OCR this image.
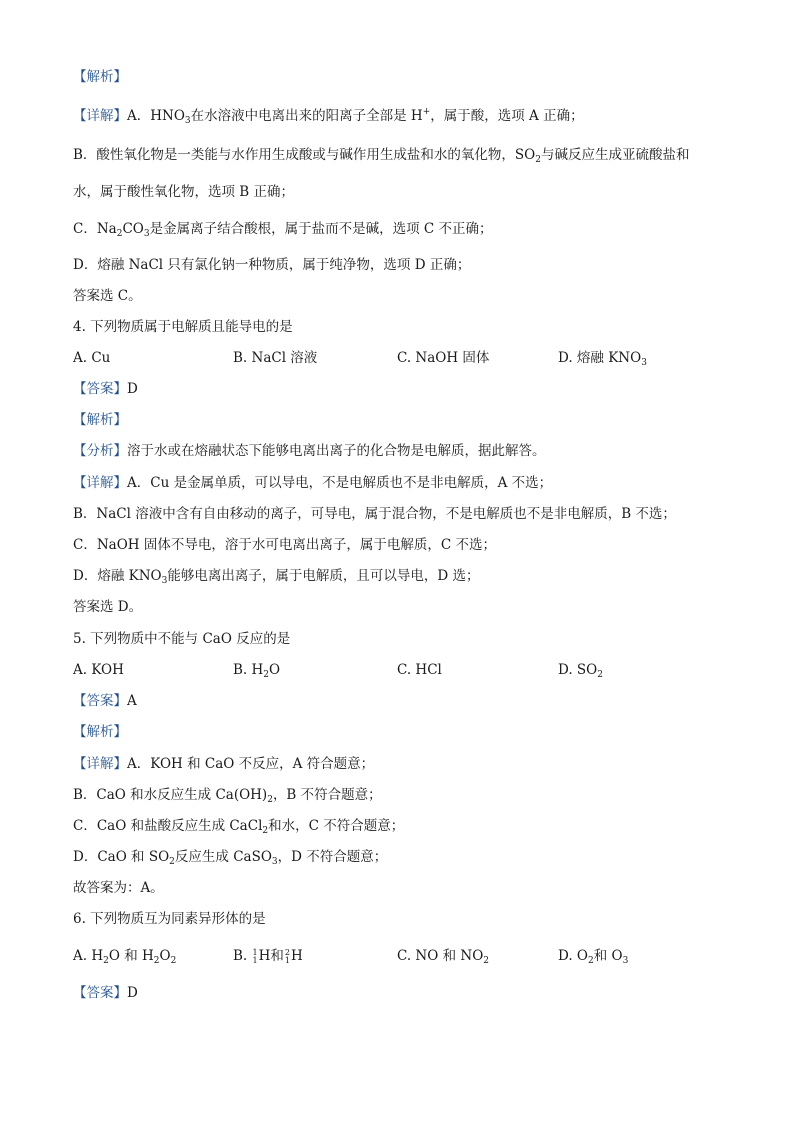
【解析】
【详解】A．$HNO_3$在水溶液中电离出来的阳离子全部是 H+，属于酸，选项 A 正确；
B．酸性氧化物是一类能与水作用生成酸或与碱作用生成盐和水的氧化物，$SO_2$与碱反应生成亚硫酸盐和
水，属于酸性氧化物，选项 B 正确；
C．$Na_2CO_3$是金属离子结合酸根，属于盐而不是碱，选项 C 不正确；
D．熔融 NaCl 只有氯化钠一种物质，属于纯净物，选项 D 正确；
答案选 C。
4. 下列物质属于电解质且能导电的是
A. Cu	B. NaCl 溶液	C. NaOH 固体	D. 熔融 $KNO_3$
【答案】D
【解析】
【分析】溶于水或在熔融状态下能够电离出离子的化合物是电解质，据此解答。
【详解】A．Cu 是金属单质，可以导电，不是电解质也不是非电解质，A 不选；
B．NaCl 溶液中含有自由移动的离子，可导电，属于混合物，不是电解质也不是非电解质，B 不选；
C．NaOH 固体不导电，溶于水可电离出离子，属于电解质，C 不选；
D．熔融 $KNO_3$能够电离出离子，属于电解质，且可以导电，D 选；
答案选 D。
5. 下列物质中不能与 CaO 反应的是
A. KOH	B. $H_2O$	C. HCl	D. $SO_2$
【答案】A
【解析】
【详解】A．KOH 和 CaO 不反应，A 符合题意；
B．CaO 和水反应生成 $Ca(OH)_2$，B 不符合题意；
C．CaO 和盐酸反应生成 CaCl$_2$和水，C 不符合题意；
D．CaO 和 $SO_2$反应生成 CaSO$_3$，D 不符合题意；
故答案为：A。
6. 下列物质互为同素异形体的是
A. $H_2O$ 和 $H_2O_2$	B. 1
1 H和 2
1 H	C. NO 和 $NO_2$	D. $O_2$和 $O_3$
【答案】D
